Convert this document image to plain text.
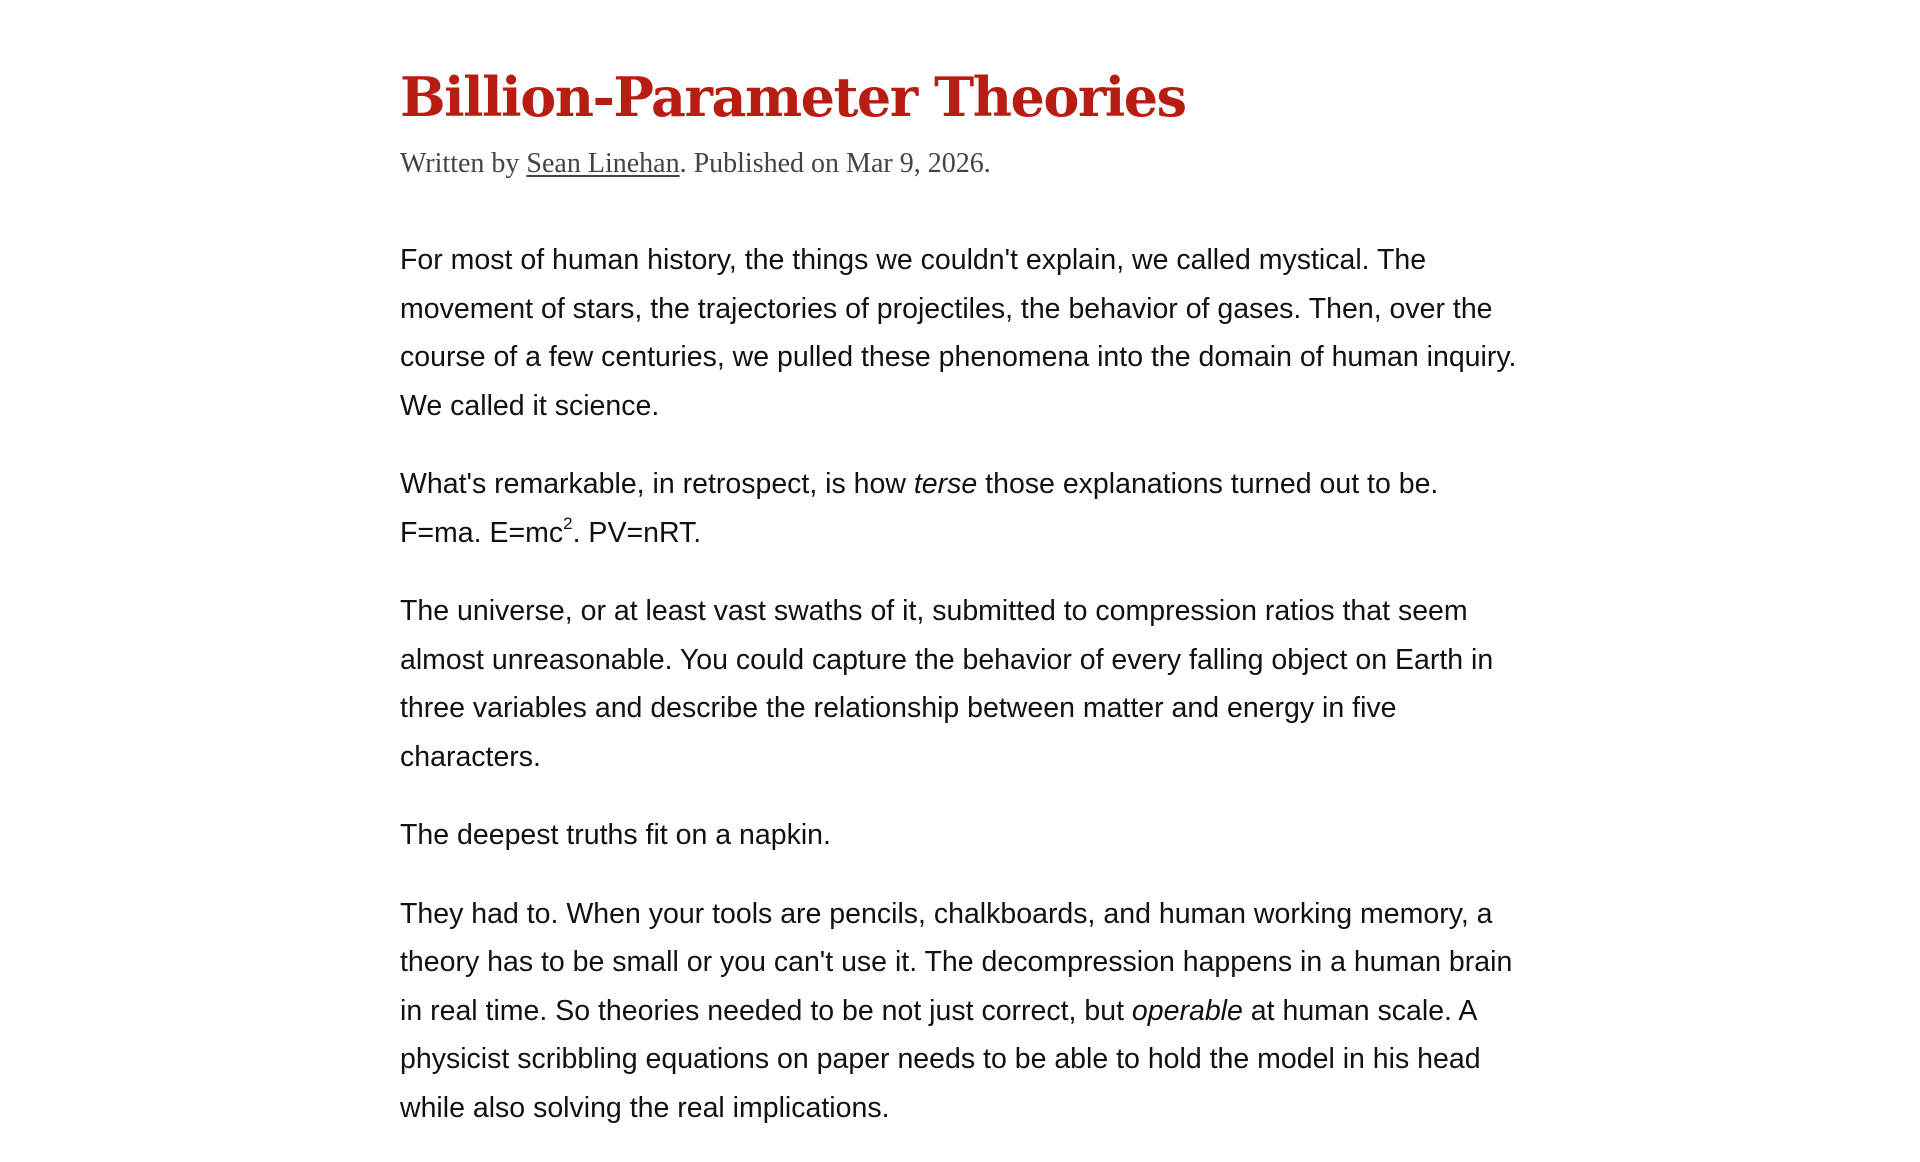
Billion-Parameter Theories
Written by Sean Linehan. Published on Mar 9, 2026.

For most of human history, the things we couldn't explain, we called mystical. The movement of stars, the trajectories of projectiles, the behavior of gases. Then, over the course of a few centuries, we pulled these phenomena into the domain of human inquiry. We called it science.

What's remarkable, in retrospect, is how terse those explanations turned out to be.
F=ma. $E=mc^2$. PV=nRT.

The universe, or at least vast swaths of it, submitted to compression ratios that seem almost unreasonable. You could capture the behavior of every falling object on Earth in three variables and describe the relationship between matter and energy in five characters.

The deepest truths fit on a napkin.

They had to. When your tools are pencils, chalkboards, and human working memory, a theory has to be small or you can't use it. The decompression happens in a human brain in real time. So theories needed to be not just correct, but operable at human scale. A physicist scribbling equations on paper needs to be able to hold the model in his head while also solving the real implications.
